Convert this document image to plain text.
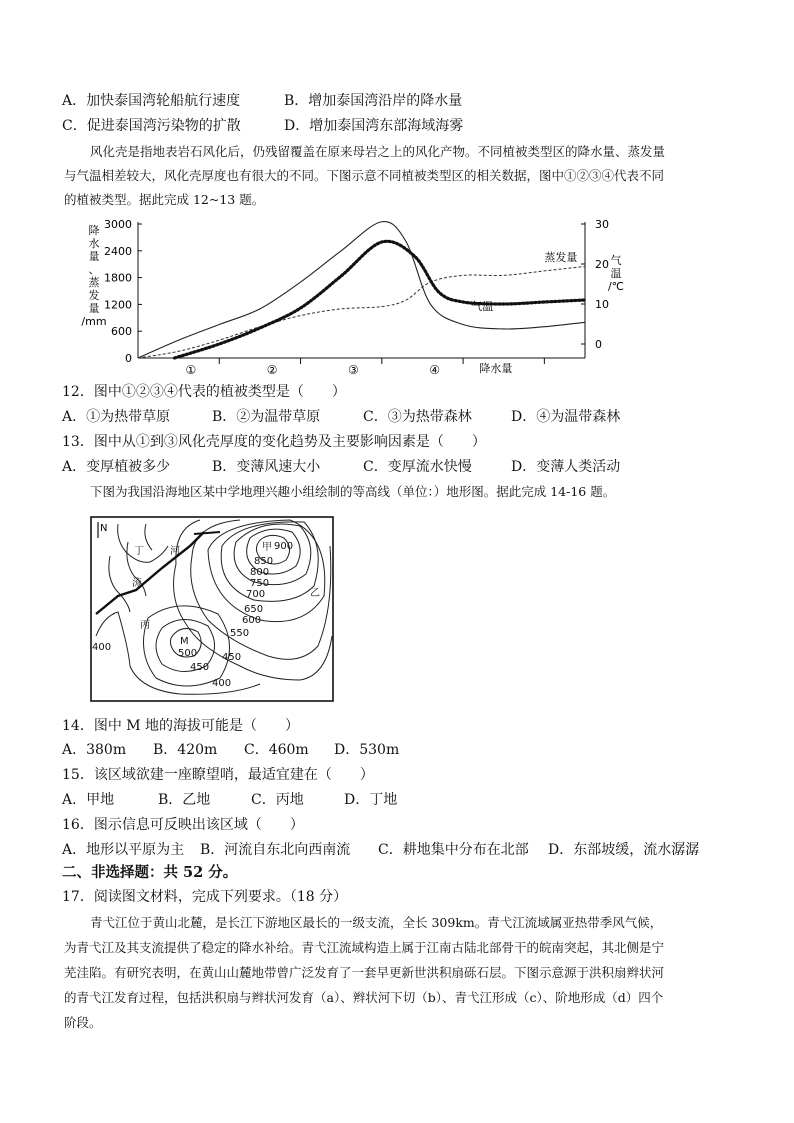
A．加快泰国湾轮船航行速度	B．增加泰国湾沿岸的降水量
C．促进泰国湾污染物的扩散	D．增加泰国湾东部海域海雾
风化壳是指地表岩石风化后，仍残留覆盖在原来母岩之上的风化产物。不同植被类型区的降水量、蒸发量
与气温相差较大，风化壳厚度也有很大的不同。下图示意不同植被类型区的相关数据，图中①②③④代表不同
的植被类型。据此完成 12~13 题。
降
水
量
、
蒸
发
量
/mm
0
600
1200
1800
2400
3000
0
10
20
30
气
温
/℃
①	②	③	④	降水量
蒸发量
气温
12．图中①②③④代表的植被类型是（　　）
A．①为热带草原	B．②为温带草原	C．③为热带森林	D．④为温带森林
13．图中从①到③风化壳厚度的变化趋势及主要影响因素是（　　）
A．变厚植被多少	B．变薄风速大小	C．变厚流水快慢	D．变薄人类活动
下图为我国沿海地区某中学地理兴趣小组绘制的等高线（单位：）地形图。据此完成 14-16 题。
N
丁	河
流
甲 900
850
800
750
700	乙
650
600
丙
550
M
500 450
450
400
400
14．图中 M 地的海拔可能是（　　）
A．380m B．420m C．460m D．530m
15．该区域欲建一座瞭望哨，最适宜建在（　　）
A．甲地	B．乙地	C．丙地	D．丁地
16．图示信息可反映出该区域（　　）
A．地形以平原为主 B．河流自东北向西南流 C．耕地集中分布在北部 D．东部坡缓，流水潺潺
二、非选择题：共 52 分。
17．阅读图文材料，完成下列要求。（18 分）
青弋江位于黄山北麓，是长江下游地区最长的一级支流，全长 309km。青弋江流域属亚热带季风气候，
为青弋江及其支流提供了稳定的降水补给。青弋江流域构造上属于江南古陆北部骨干的皖南突起，其北侧是宁
芜洼陷。有研究表明，在黄山山麓地带曾广泛发育了一套早更新世洪积扇砾石层。下图示意源于洪积扇辫状河
的青弋江发育过程，包括洪积扇与辫状河发育（a）、辫状河下切（b）、青弋江形成（c）、阶地形成（d）四个
阶段。
